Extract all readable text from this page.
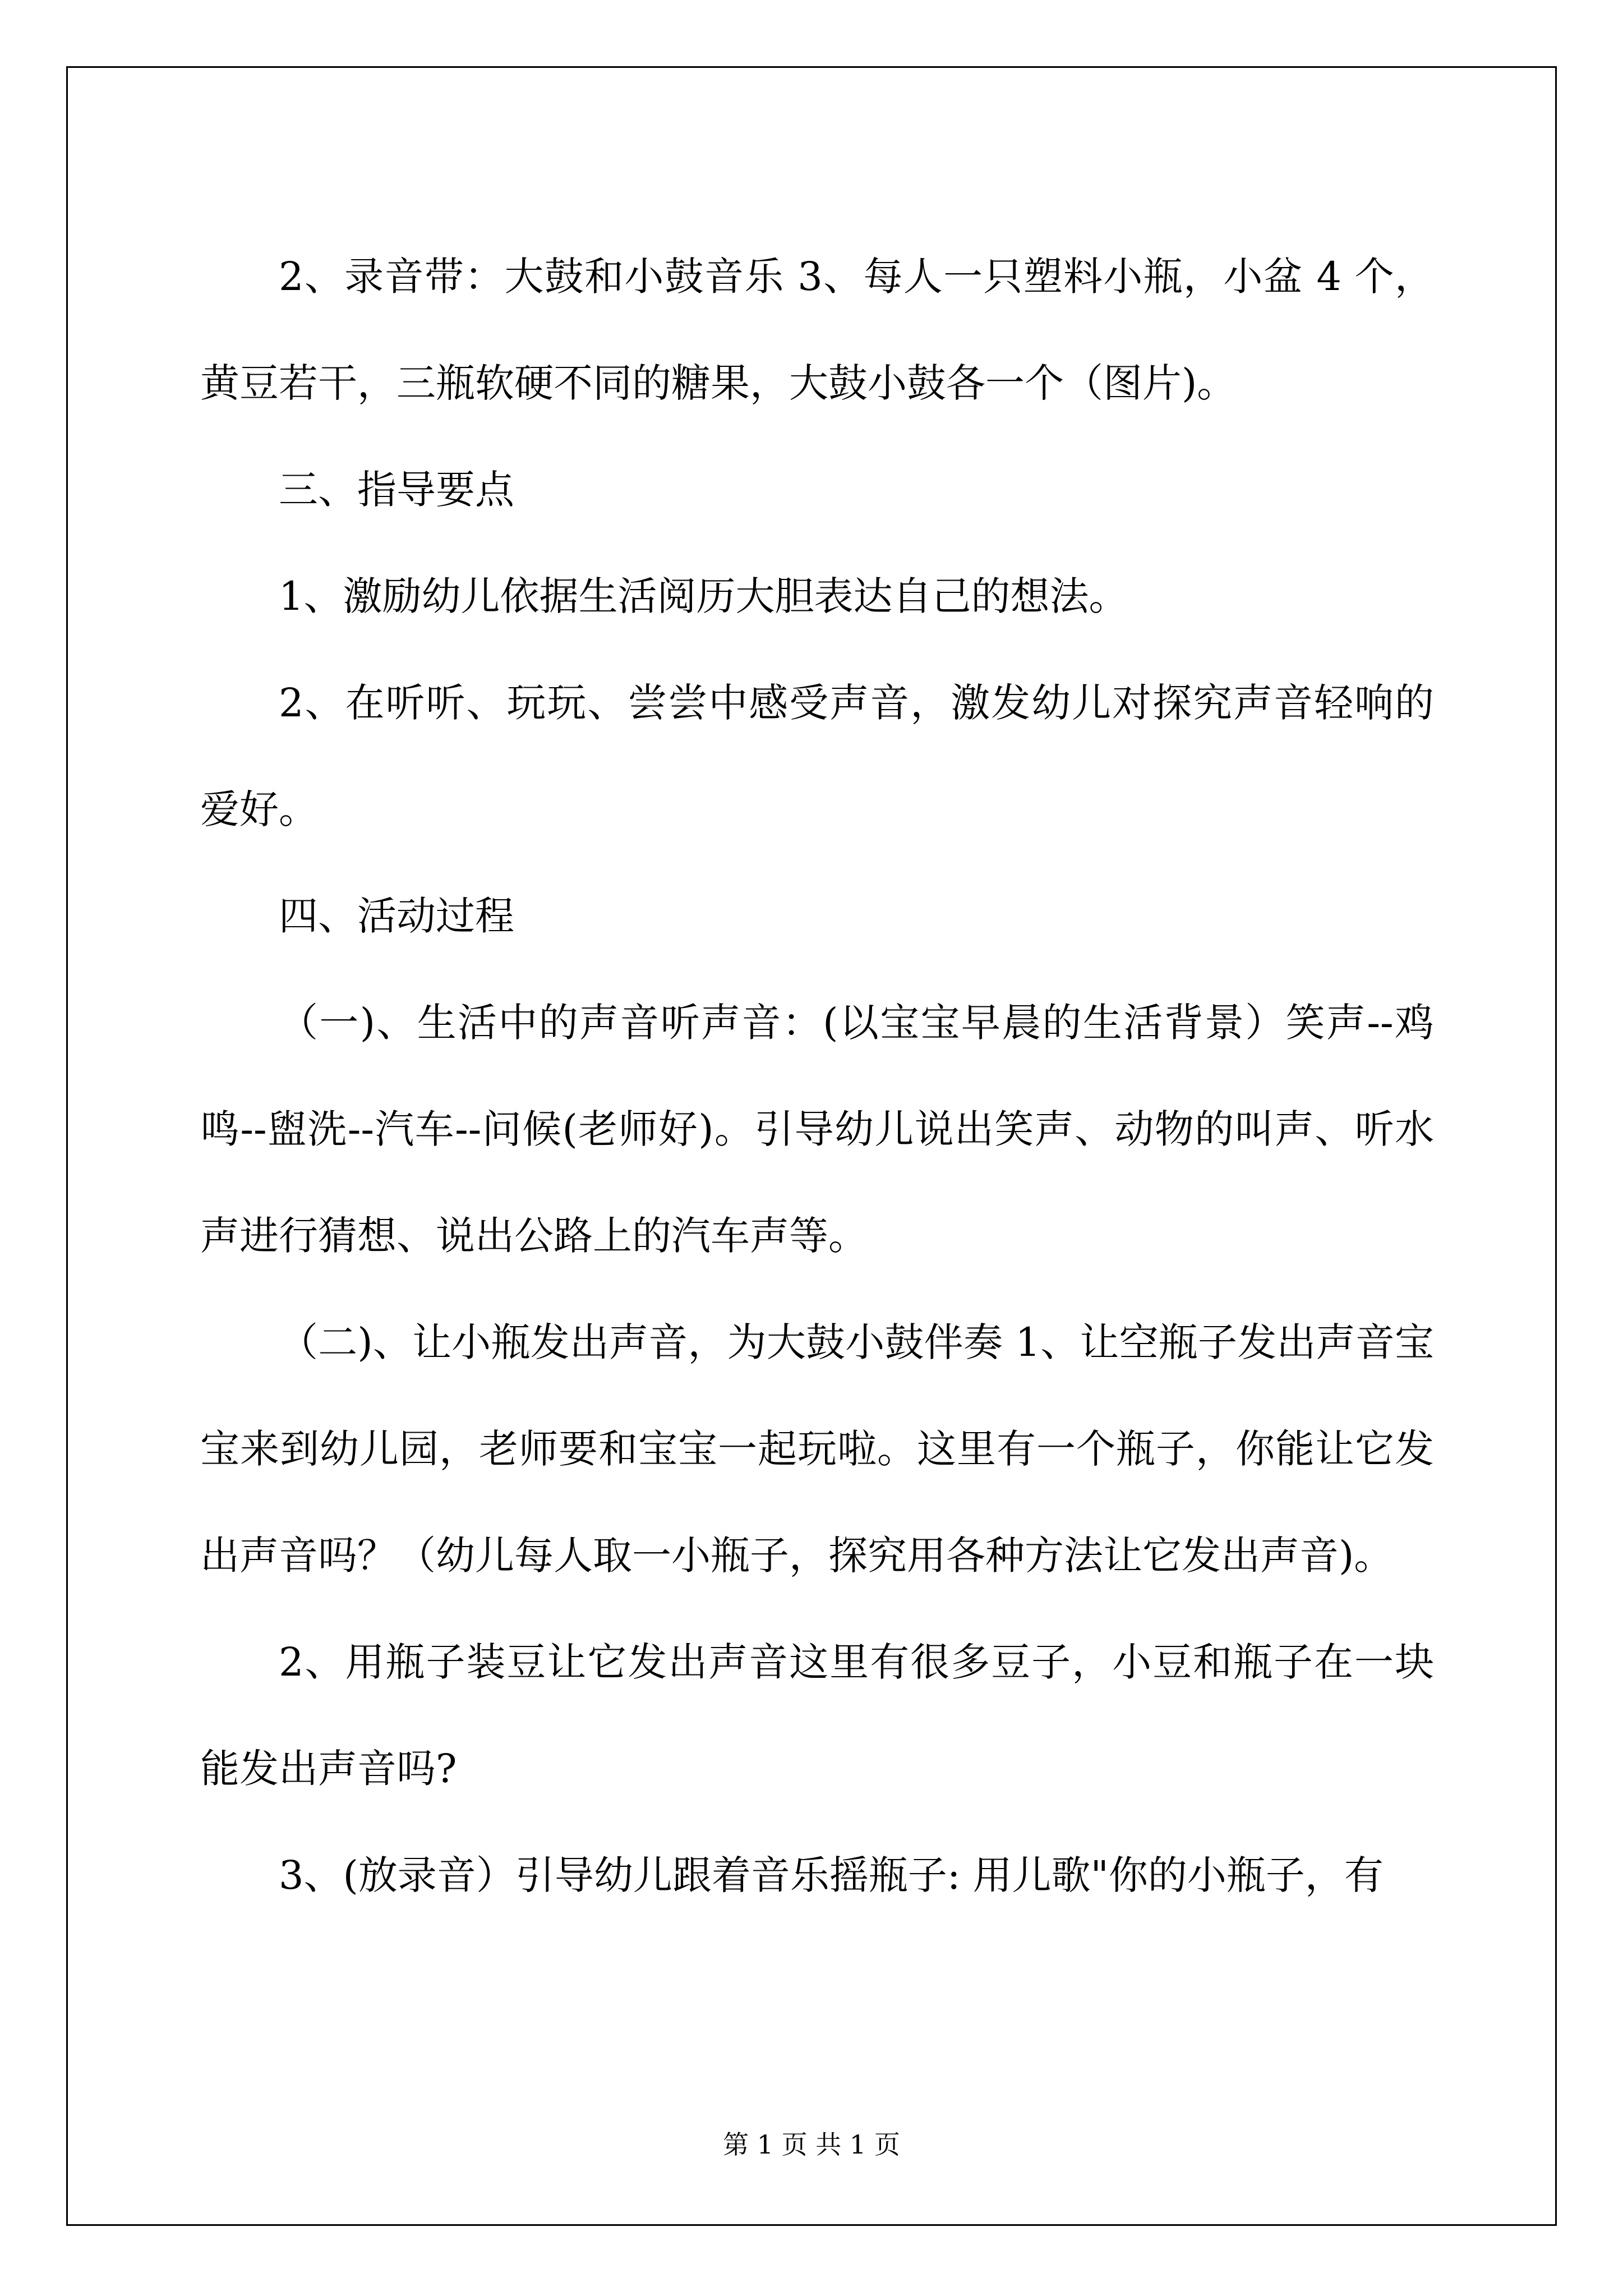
2、录音带：大鼓和小鼓音乐 3、每人一只塑料小瓶，小盆 4 个，黄豆若干，三瓶软硬不同的糖果，大鼓小鼓各一个（图片)。

三、指导要点

1、激励幼儿依据生活阅历大胆表达自己的想法。

2、在听听、玩玩、尝尝中感受声音，激发幼儿对探究声音轻响的爱好。

四、活动过程

（一)、生活中的声音听声音：(以宝宝早晨的生活背景）笑声--鸡鸣--盥洗--汽车--问候(老师好)。引导幼儿说出笑声、动物的叫声、听水声进行猜想、说出公路上的汽车声等。

（二)、让小瓶发出声音，为大鼓小鼓伴奏 1、让空瓶子发出声音宝宝来到幼儿园，老师要和宝宝一起玩啦。这里有一个瓶子，你能让它发出声音吗？（幼儿每人取一小瓶子，探究用各种方法让它发出声音)。

2、用瓶子装豆让它发出声音这里有很多豆子，小豆和瓶子在一块能发出声音吗?

3、(放录音）引导幼儿跟着音乐摇瓶子: 用儿歌"你的小瓶子，有

第 1 页 共 1 页
